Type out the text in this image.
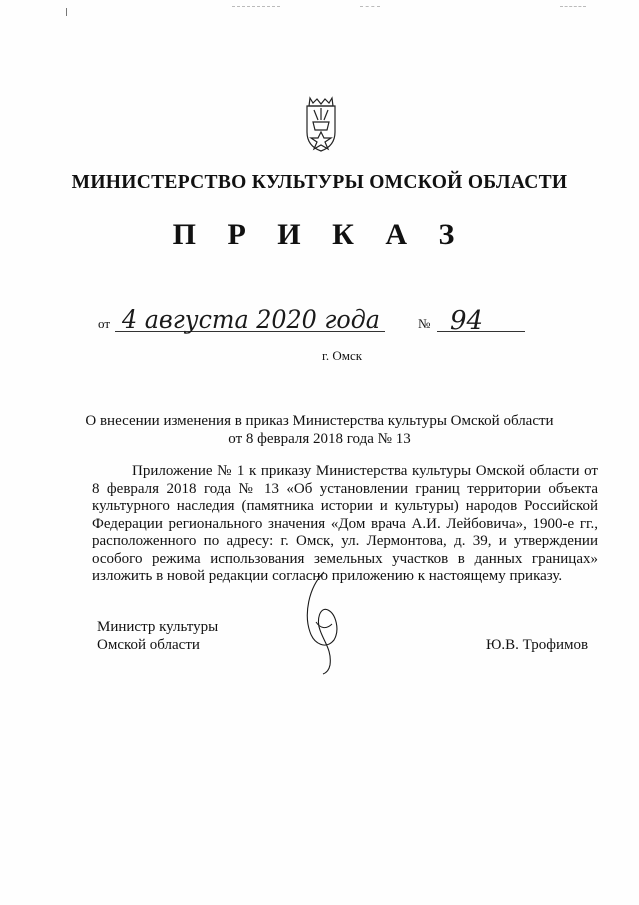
МИНИСТЕРСТВО КУЛЬТУРЫ ОМСКОЙ ОБЛАСТИ
П Р И К А З
от 4 августа 2020 года	№ 94
г. Омск
О внесении изменения в приказ Министерства культуры Омской области
от 8 февраля 2018 года № 13
Приложение № 1 к приказу Министерства культуры Омской области от 8 февраля 2018 года № 13 «Об установлении границ территории объекта культурного наследия (памятника истории и культуры) народов Российской Федерации регионального значения «Дом врача А.И. Лейбовича», 1900-е гг., расположенного по адресу: г. Омск, ул. Лермонтова, д. 39, и утверждении особого режима использования земельных участков в данных границах» изложить в новой редакции согласно приложению к настоящему приказу.
Министр культуры
Омской области	Ю.В. Трофимов
